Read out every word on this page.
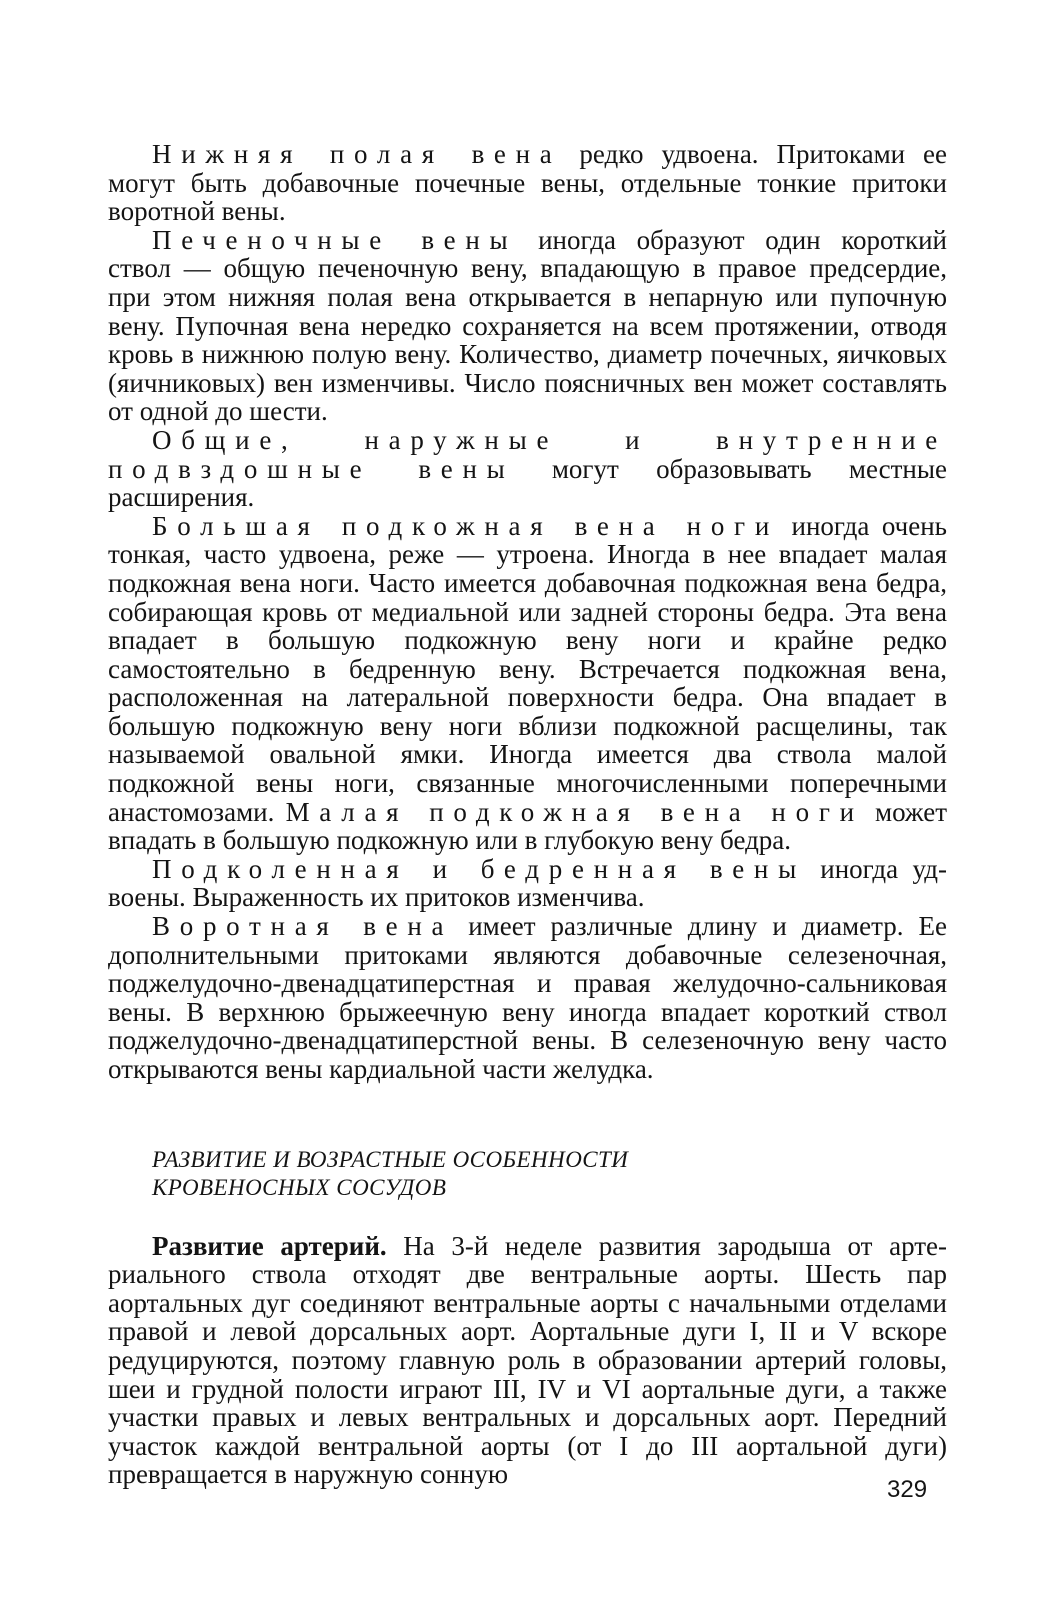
Нижняя полая вена редко удвоена. Притоками ее могут быть добавочные почечные вены, отдельные тонкие притоки воротной вены.

Печеночные вены иногда образуют один короткий ствол — общую печеночную вену, впадающую в правое предсердие, при этом нижняя полая вена открывается в непарную или пупочную вену. Пупочная вена нередко сохраняется на всем протяжении, отводя кровь в нижнюю полую вену. Количество, диаметр почечных, яичковых (яичниковых) вен изменчивы. Число поясничных вен может составлять от одной до шести.

Общие, наружные и внутренние подвздошные вены могут образовывать местные расширения.

Большая подкожная вена ноги иногда очень тонкая, часто удвоена, реже — утроена. Иногда в нее впадает малая подкожная вена ноги. Часто имеется добавочная подкожная вена бедра, собирающая кровь от медиальной или задней стороны бедра. Эта вена впадает в большую подкожную вену ноги и крайне редко самостоятельно в бедренную вену. Встречается подкожная вена, расположенная на латеральной поверхности бедра. Она впадает в большую подкожную вену ноги вблизи подкожной расщелины, так называемой овальной ямки. Иногда имеется два ствола малой подкожной вены ноги, связанные многочисленными поперечными анастомозами. Малая подкожная вена ноги может впадать в большую подкожную или в глубокую вену бедра.

Подколенная и бедренная вены иногда удвоены. Выраженность их притоков изменчива.

Воротная вена имеет различные длину и диаметр. Ее дополнительными притоками являются добавочные селезеночная, поджелудочно-двенадцатиперстная и правая желудочно-сальниковая вены. В верхнюю брыжеечную вену иногда впадает короткий ствол поджелудочно-двенадцатиперстной вены. В селезеночную вену часто открываются вены кардиальной части желудка.

РАЗВИТИЕ И ВОЗРАСТНЫЕ ОСОБЕННОСТИ
КРОВЕНОСНЫХ СОСУДОВ

Развитие артерий. На 3-й неделе развития зародыша от артериального ствола отходят две вентральные аорты. Шесть пар аортальных дуг соединяют вентральные аорты с начальными отделами правой и левой дорсальных аорт. Аортальные дуги I, II и V вскоре редуцируются, поэтому главную роль в образовании артерий головы, шеи и грудной полости играют III, IV и VI аортальные дуги, а также участки правых и левых вентральных и дорсальных аорт. Передний участок каждой вентральной аорты (от I до III аортальной дуги) превращается в наружную сонную

329
